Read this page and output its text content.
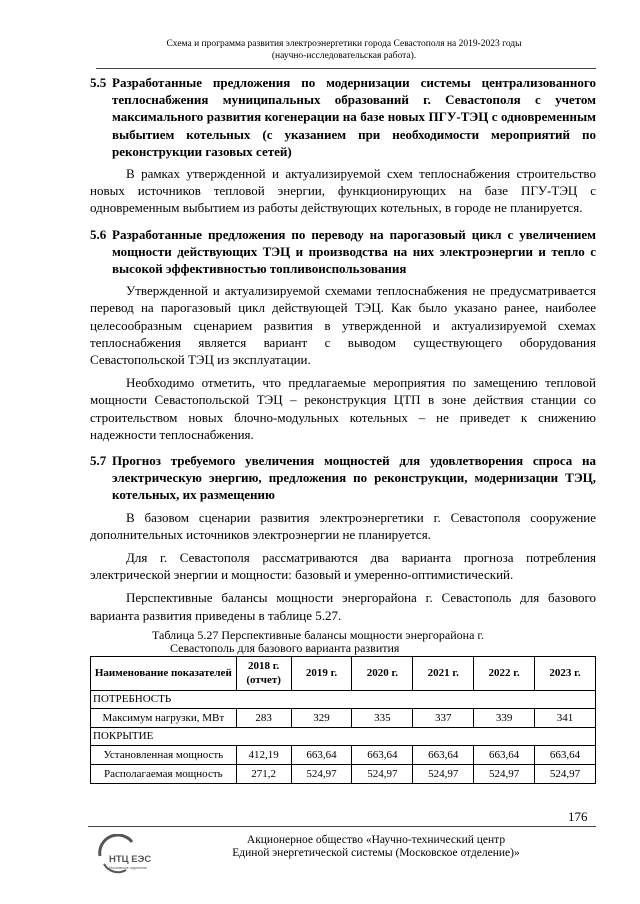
Схема и программа развития электроэнергетики города Севастополя на 2019-2023 годы
(научно-исследовательская работа).
5.5 Разработанные предложения по модернизации системы централизованного теплоснабжения муниципальных образований г. Севастополя с учетом максимального развития когенерации на базе новых ПГУ-ТЭЦ с одновременным выбытием котельных (с указанием при необходимости мероприятий по реконструкции газовых сетей)

В рамках утвержденной и актуализируемой схем теплоснабжения строительство новых источников тепловой энергии, функционирующих на базе ПГУ-ТЭЦ с одновременным выбытием из работы действующих котельных, в городе не планируется.

5.6 Разработанные предложения по переводу на парогазовый цикл с увеличением мощности действующих ТЭЦ и производства на них электроэнергии и тепло с высокой эффективностью топливоиспользования

Утвержденной и актуализируемой схемами теплоснабжения не предусматривается перевод на парогазовый цикл действующей ТЭЦ. Как было указано ранее, наиболее целесообразным сценарием развития в утвержденной и актуализируемой схемах теплоснабжения является вариант с выводом существующего оборудования Севастопольской ТЭЦ из эксплуатации.

Необходимо отметить, что предлагаемые мероприятия по замещению тепловой мощности Севастопольской ТЭЦ – реконструкция ЦТП в зоне действия станции со строительством новых блочно-модульных котельных – не приведет к снижению надежности теплоснабжения.

5.7 Прогноз требуемого увеличения мощностей для удовлетворения спроса на электрическую энергию, предложения по реконструкции, модернизации ТЭЦ, котельных, их размещению

В базовом сценарии развития электроэнергетики г. Севастополя сооружение дополнительных источников электроэнергии не планируется.

Для г. Севастополя рассматриваются два варианта прогноза потребления электрической энергии и мощности: базовый и умеренно-оптимистический.

Перспективные балансы мощности энергорайона г. Севастополь для базового варианта развития приведены в таблице 5.27.

Таблица 5.27 Перспективные балансы мощности энергорайона г.
Севастополь для базового варианта развития
Наименование показателей	2018 г. (отчет)	2019 г.	2020 г.	2021 г.	2022 г.	2023 г.
ПОТРЕБНОСТЬ						
Максимум нагрузки, МВт	283	329	335	337	339	341
ПОКРЫТИЕ						
Установленная мощность	412,19	663,64	663,64	663,64	663,64	663,64
Располагаемая мощность	271,2	524,97	524,97	524,97	524,97	524,97
176
НТЦ ЕЭС
Московское отделение
Акционерное общество «Научно-технический центр
Единой энергетической системы (Московское отделение)»
